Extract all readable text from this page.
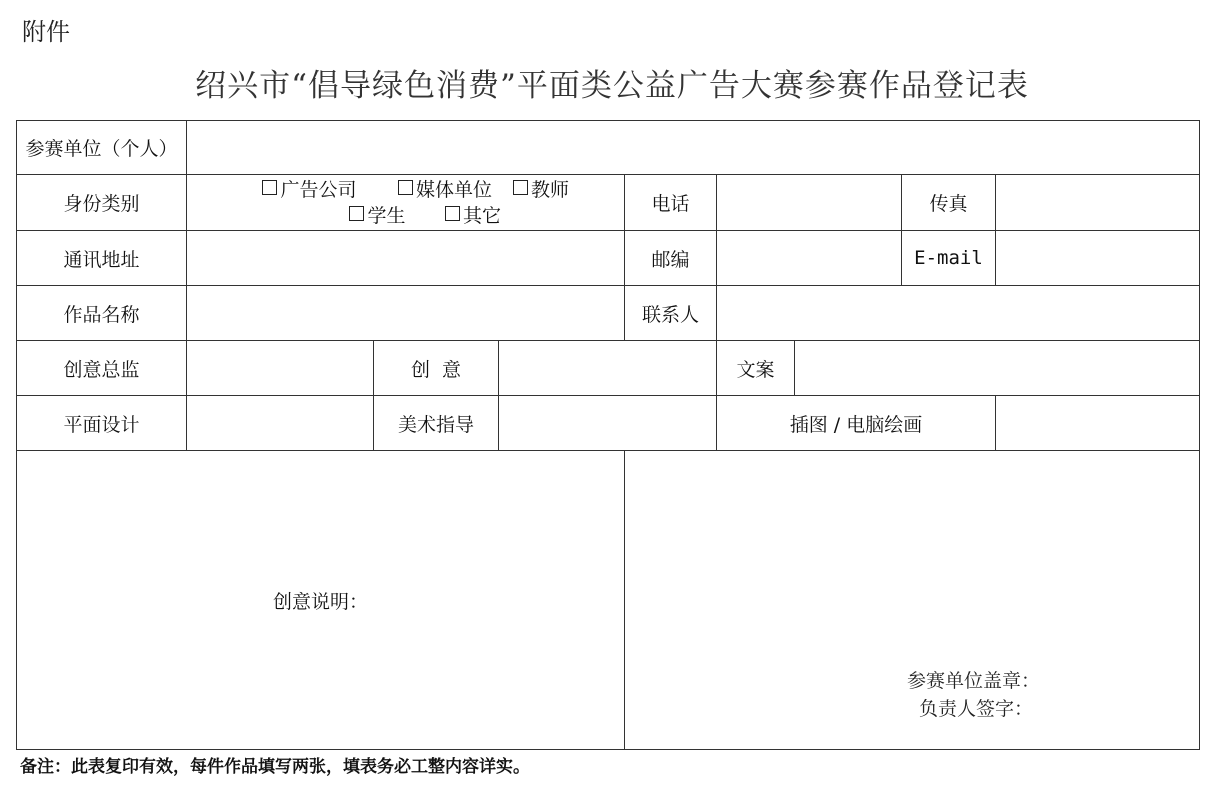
附件
绍兴市“倡导绿色消费”平面类公益广告大赛参赛作品登记表
参赛单位（个人）								
身份类别	广告公司 媒体单位 教师
学生 其它			电话			传真	
通讯地址				邮编			E-mail	
作品名称				联系人				
创意总监		创  意			文案			
平面设计		美术指导			插图 / 电脑绘画			
创意说明：				参赛单位盖章：
负责人签字：				
备注：此表复印有效，每件作品填写两张，填表务必工整内容详实。
